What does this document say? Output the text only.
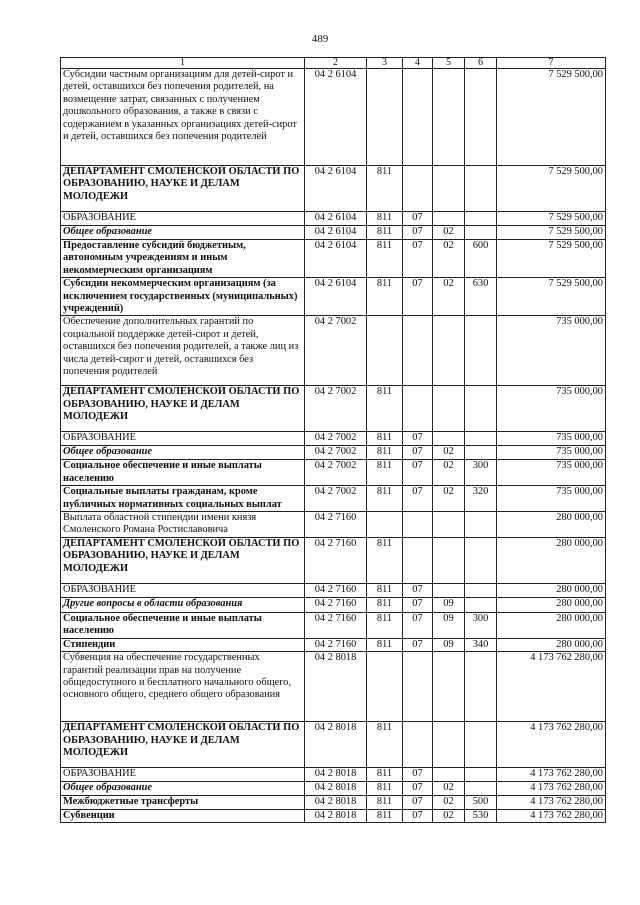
489
1	2	3	4	5	6	7
Субсидии частным организациям для детей-сирот и детей, оставшихся без попечения родителей, на возмещение затрат, связанных с получением дошкольного образования, а также в связи с содержанием в указанных организациях детей-сирот и детей, оставшихся без попечения родителей	04 2 6104					7 529 500,00
ДЕПАРТАМЕНТ СМОЛЕНСКОЙ ОБЛАСТИ ПО ОБРАЗОВАНИЮ, НАУКЕ И ДЕЛАМ МОЛОДЕЖИ	04 2 6104	811				7 529 500,00
ОБРАЗОВАНИЕ	04 2 6104	811	07			7 529 500,00
Общее образование	04 2 6104	811	07	02		7 529 500,00
Предоставление субсидий бюджетным, автономным учреждениям и иным некоммерческим организациям	04 2 6104	811	07	02	600	7 529 500,00
Субсидии некоммерческим организациям (за исключением государственных (муниципальных) учреждений)	04 2 6104	811	07	02	630	7 529 500,00
Обеспечение дополнительных гарантий по социальной поддержке детей-сирот и детей, оставшихся без попечения родителей, а также лиц из числа детей-сирот и детей, оставшихся без попечения родителей	04 2 7002					735 000,00
ДЕПАРТАМЕНТ СМОЛЕНСКОЙ ОБЛАСТИ ПО ОБРАЗОВАНИЮ, НАУКЕ И ДЕЛАМ МОЛОДЕЖИ	04 2 7002	811				735 000,00
ОБРАЗОВАНИЕ	04 2 7002	811	07			735 000,00
Общее образование	04 2 7002	811	07	02		735 000,00
Социальное обеспечение и иные выплаты населению	04 2 7002	811	07	02	300	735 000,00
Социальные выплаты гражданам, кроме публичных нормативных социальных выплат	04 2 7002	811	07	02	320	735 000,00
Выплата областной стипендии имени князя Смоленского Романа Ростиславовича	04 2 7160					280 000,00
ДЕПАРТАМЕНТ СМОЛЕНСКОЙ ОБЛАСТИ ПО ОБРАЗОВАНИЮ, НАУКЕ И ДЕЛАМ МОЛОДЕЖИ	04 2 7160	811				280 000,00
ОБРАЗОВАНИЕ	04 2 7160	811	07			280 000,00
Другие вопросы в области образования	04 2 7160	811	07	09		280 000,00
Социальное обеспечение и иные выплаты населению	04 2 7160	811	07	09	300	280 000,00
Стипендии	04 2 7160	811	07	09	340	280 000,00
Субвенция на обеспечение государственных гарантий реализации прав на получение общедоступного и бесплатного начального общего, основного общего, среднего общего образования	04 2 8018					4 173 762 280,00
ДЕПАРТАМЕНТ СМОЛЕНСКОЙ ОБЛАСТИ ПО ОБРАЗОВАНИЮ, НАУКЕ И ДЕЛАМ МОЛОДЕЖИ	04 2 8018	811				4 173 762 280,00
ОБРАЗОВАНИЕ	04 2 8018	811	07			4 173 762 280,00
Общее образование	04 2 8018	811	07	02		4 173 762 280,00
Межбюджетные трансферты	04 2 8018	811	07	02	500	4 173 762 280,00
Субвенции	04 2 8018	811	07	02	530	4 173 762 280,00
